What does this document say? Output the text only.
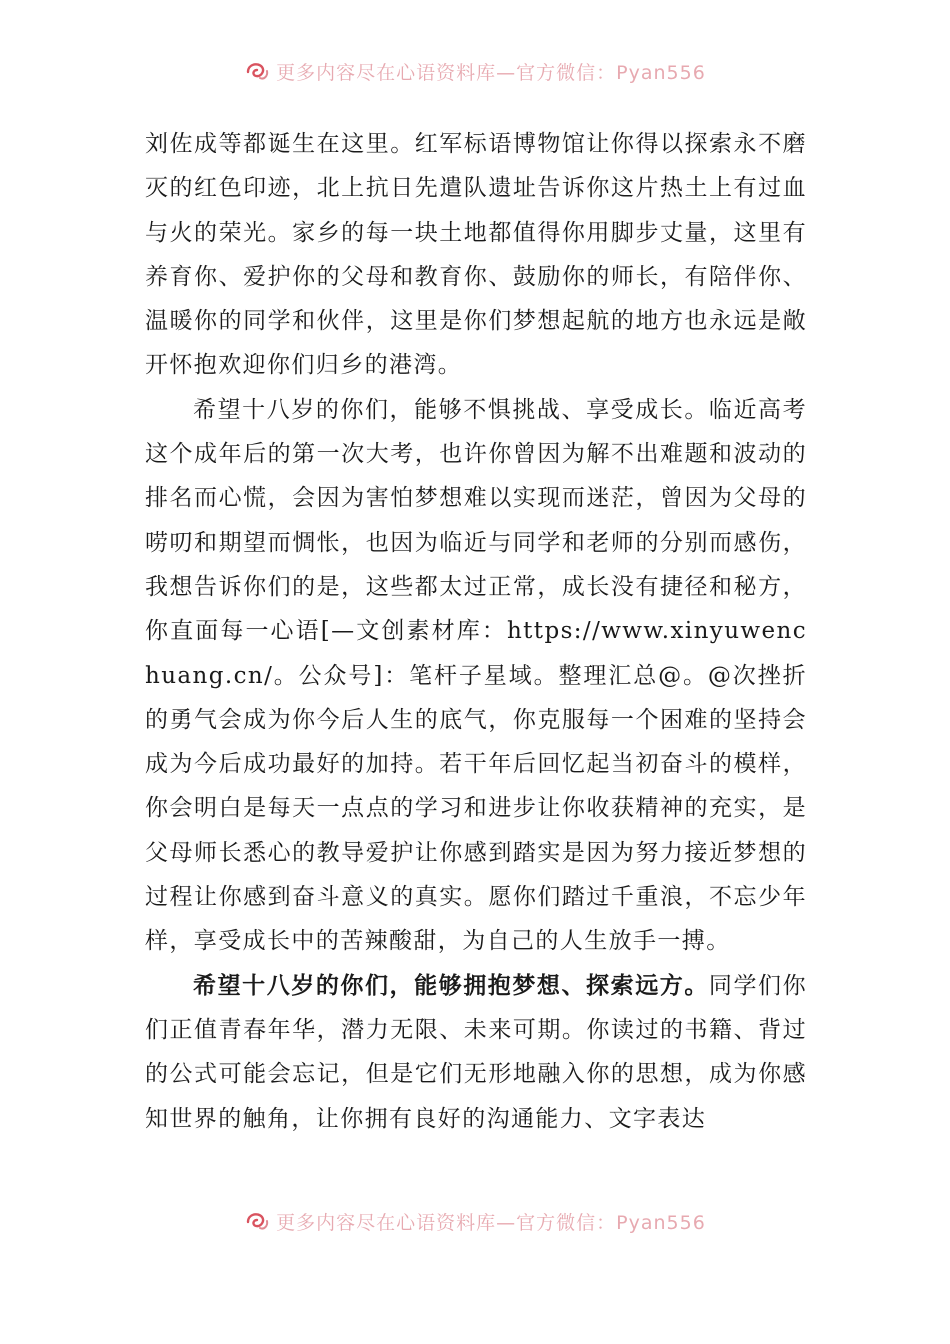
更多内容尽在心语资料库—官方微信：Pyan556

刘佐成等都诞生在这里。红军标语博物馆让你得以探索永不磨灭的红色印迹，北上抗日先遣队遗址告诉你这片热土上有过血与火的荣光。家乡的每一块土地都值得你用脚步丈量，这里有养育你、爱护你的父母和教育你、鼓励你的师长，有陪伴你、温暖你的同学和伙伴，这里是你们梦想起航的地方也永远是敞开怀抱欢迎你们归乡的港湾。

希望十八岁的你们，能够不惧挑战、享受成长。临近高考这个成年后的第一次大考，也许你曾因为解不出难题和波动的排名而心慌，会因为害怕梦想难以实现而迷茫，曾因为父母的唠叨和期望而惆怅，也因为临近与同学和老师的分别而感伤，我想告诉你们的是，这些都太过正常，成长没有捷径和秘方，你直面每一心语[—文创素材库：https://www.xinyuwenchuang.cn/。公众号]：笔杆子星域。整理汇总@。@次挫折的勇气会成为你今后人生的底气，你克服每一个困难的坚持会成为今后成功最好的加持。若干年后回忆起当初奋斗的模样，你会明白是每天一点点的学习和进步让你收获精神的充实，是父母师长悉心的教导爱护让你感到踏实是因为努力接近梦想的过程让你感到奋斗意义的真实。愿你们踏过千重浪，不忘少年样，享受成长中的苦辣酸甜，为自己的人生放手一搏。

希望十八岁的你们，能够拥抱梦想、探索远方。同学们你们正值青春年华，潜力无限、未来可期。你读过的书籍、背过的公式可能会忘记，但是它们无形地融入你的思想，成为你感知世界的触角，让你拥有良好的沟通能力、文字表达

更多内容尽在心语资料库—官方微信：Pyan556
